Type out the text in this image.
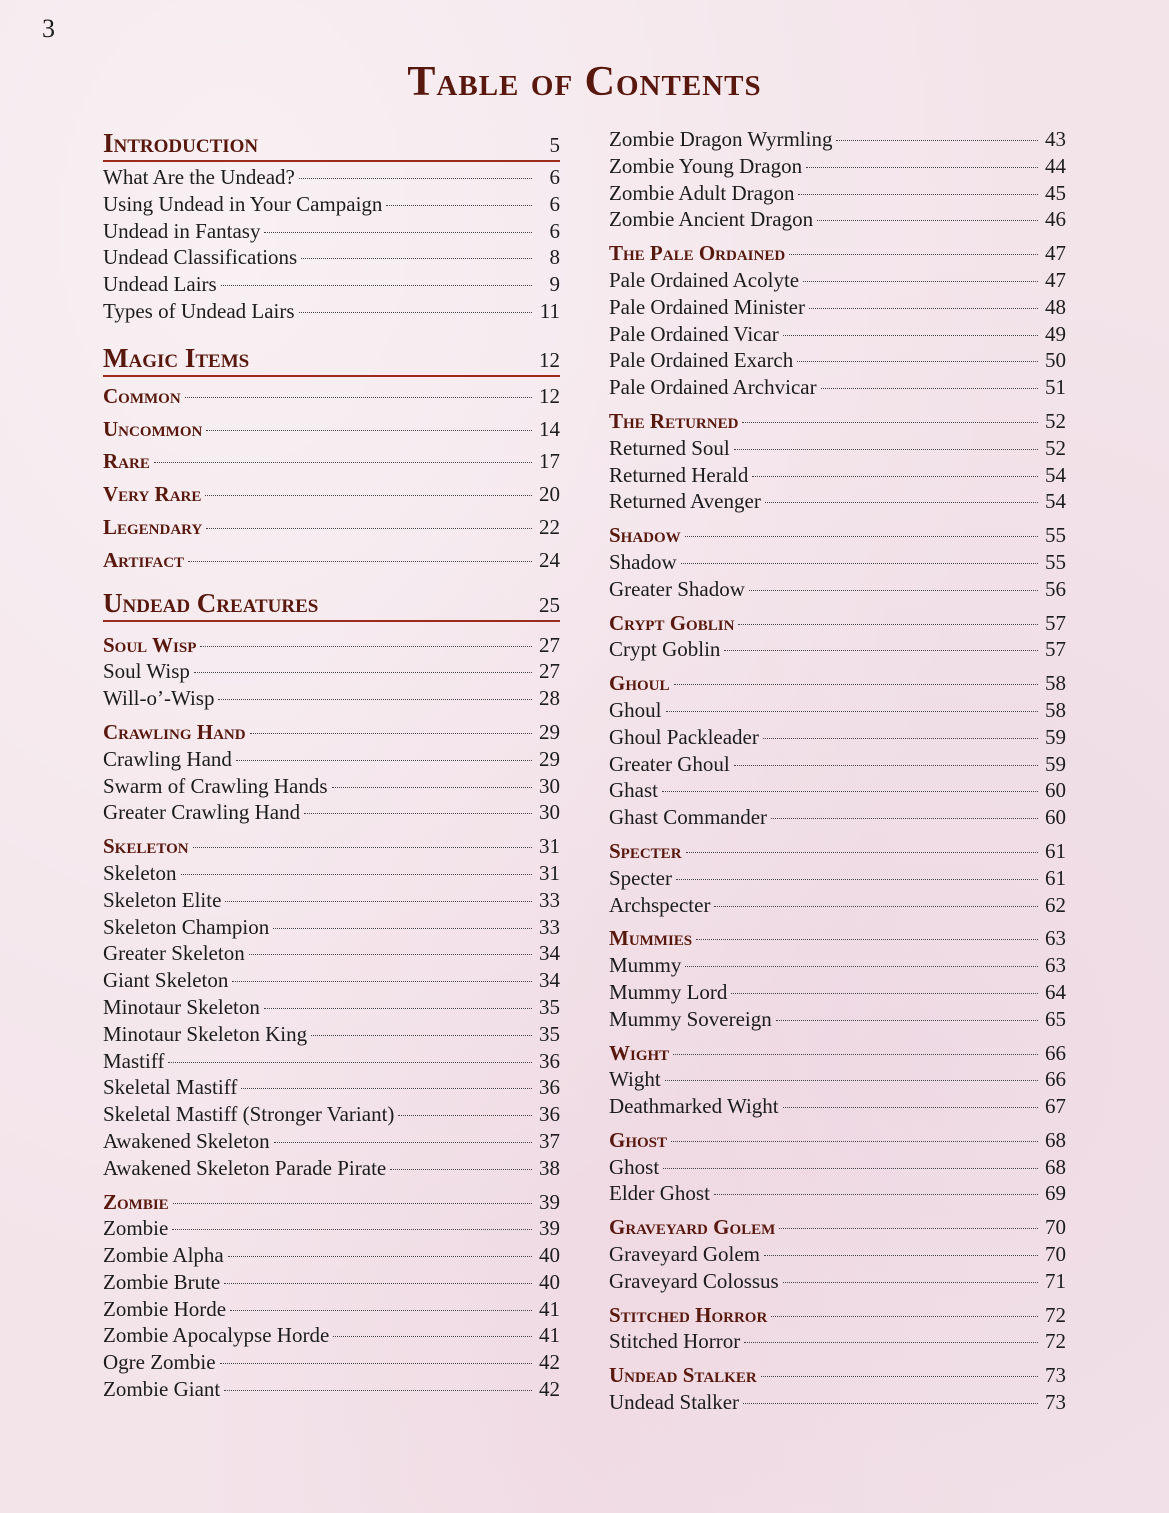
3
Table of Contents
Introduction	5
What Are the Undead?	6
Using Undead in Your Campaign	6
Undead in Fantasy	6
Undead Classifications	8
Undead Lairs	9
Types of Undead Lairs	11
Magic Items	12
Common	12
Uncommon	14
Rare	17
Very Rare	20
Legendary	22
Artifact	24
Undead Creatures	25
Soul Wisp	27
Soul Wisp	27
Will-o’-Wisp	28
Crawling Hand	29
Crawling Hand	29
Swarm of Crawling Hands	30
Greater Crawling Hand	30
Skeleton	31
Skeleton	31
Skeleton Elite	33
Skeleton Champion	33
Greater Skeleton	34
Giant Skeleton	34
Minotaur Skeleton	35
Minotaur Skeleton King	35
Mastiff	36
Skeletal Mastiff	36
Skeletal Mastiff (Stronger Variant)	36
Awakened Skeleton	37
Awakened Skeleton Parade Pirate	38
Zombie	39
Zombie	39
Zombie Alpha	40
Zombie Brute	40
Zombie Horde	41
Zombie Apocalypse Horde	41
Ogre Zombie	42
Zombie Giant	42
Zombie Dragon Wyrmling	43
Zombie Young Dragon	44
Zombie Adult Dragon	45
Zombie Ancient Dragon	46
The Pale Ordained	47
Pale Ordained Acolyte	47
Pale Ordained Minister	48
Pale Ordained Vicar	49
Pale Ordained Exarch	50
Pale Ordained Archvicar	51
The Returned	52
Returned Soul	52
Returned Herald	54
Returned Avenger	54
Shadow	55
Shadow	55
Greater Shadow	56
Crypt Goblin	57
Crypt Goblin	57
Ghoul	58
Ghoul	58
Ghoul Packleader	59
Greater Ghoul	59
Ghast	60
Ghast Commander	60
Specter	61
Specter	61
Archspecter	62
Mummies	63
Mummy	63
Mummy Lord	64
Mummy Sovereign	65
Wight	66
Wight	66
Deathmarked Wight	67
Ghost	68
Ghost	68
Elder Ghost	69
Graveyard Golem	70
Graveyard Golem	70
Graveyard Colossus	71
Stitched Horror	72
Stitched Horror	72
Undead Stalker	73
Undead Stalker	73
